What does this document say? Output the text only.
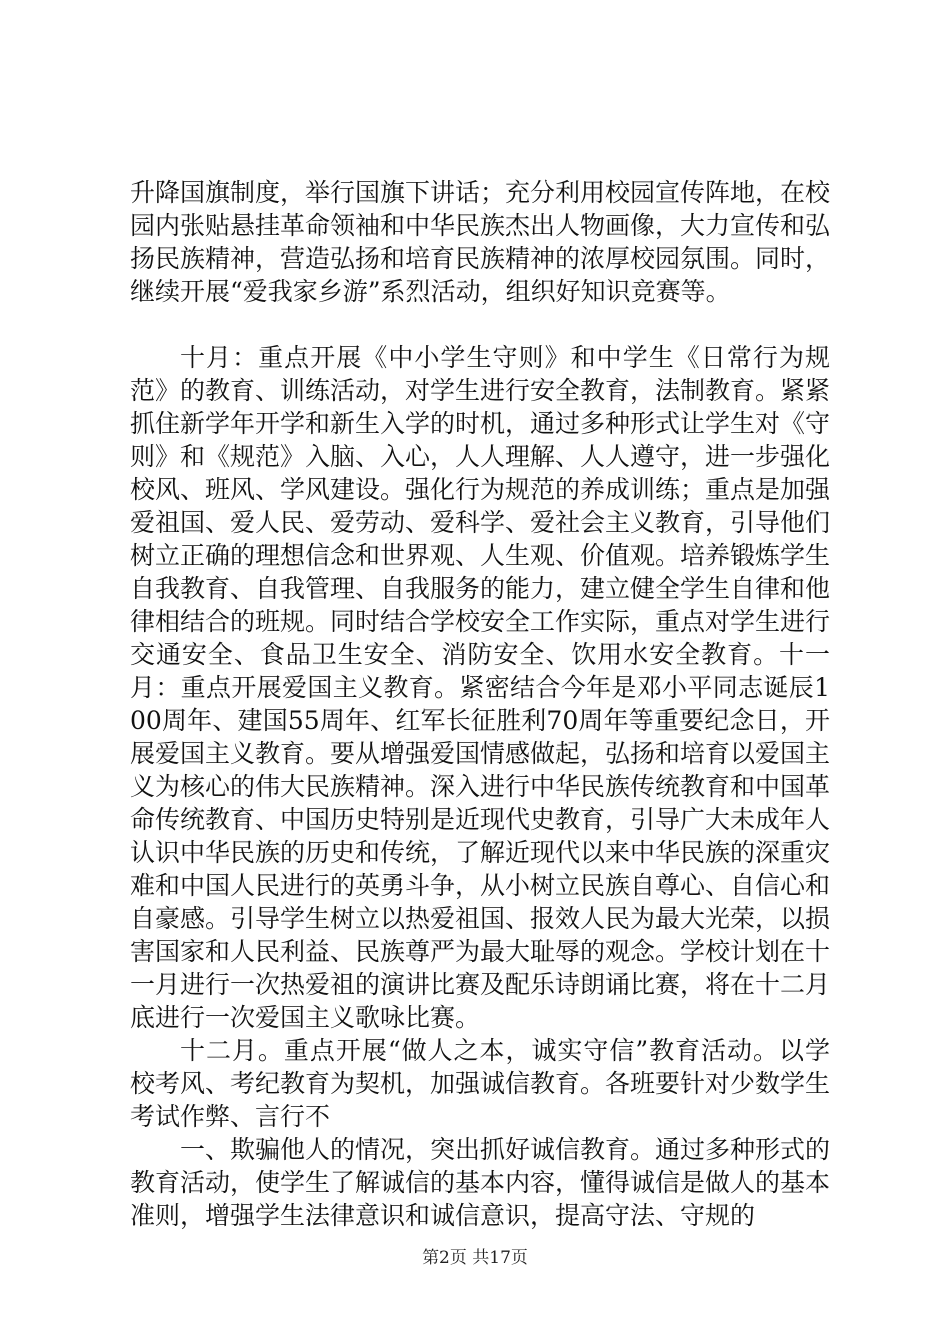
升降国旗制度，举行国旗下讲话；充分利用校园宣传阵地，在校园内张贴悬挂革命领袖和中华民族杰出人物画像，大力宣传和弘扬民族精神，营造弘扬和培育民族精神的浓厚校园氛围。同时，继续开展“爱我家乡游”系烈活动，组织好知识竞赛等。

十月：重点开展《中小学生守则》和中学生《日常行为规范》的教育、训练活动，对学生进行安全教育，法制教育。紧紧抓住新学年开学和新生入学的时机，通过多种形式让学生对《守则》和《规范》入脑、入心，人人理解、人人遵守，进一步强化校风、班风、学风建设。强化行为规范的养成训练；重点是加强爱祖国、爱人民、爱劳动、爱科学、爱社会主义教育，引导他们树立正确的理想信念和世界观、人生观、价值观。培养锻炼学生自我教育、自我管理、自我服务的能力，建立健全学生自律和他律相结合的班规。同时结合学校安全工作实际，重点对学生进行交通安全、食品卫生安全、消防安全、饮用水安全教育。十一月：重点开展爱国主义教育。紧密结合今年是邓小平同志诞辰100周年、建国55周年、红军长征胜利70周年等重要纪念日，开展爱国主义教育。要从增强爱国情感做起，弘扬和培育以爱国主义为核心的伟大民族精神。深入进行中华民族传统教育和中国革命传统教育、中国历史特别是近现代史教育，引导广大未成年人认识中华民族的历史和传统，了解近现代以来中华民族的深重灾难和中国人民进行的英勇斗争，从小树立民族自尊心、自信心和自豪感。引导学生树立以热爱祖国、报效人民为最大光荣，以损害国家和人民利益、民族尊严为最大耻辱的观念。学校计划在十一月进行一次热爱祖的演讲比赛及配乐诗朗诵比赛，将在十二月底进行一次爱国主义歌咏比赛。

十二月。重点开展“做人之本，诚实守信”教育活动。以学校考风、考纪教育为契机，加强诚信教育。各班要针对少数学生考试作弊、言行不

一、欺骗他人的情况，突出抓好诚信教育。通过多种形式的教育活动，使学生了解诚信的基本内容，懂得诚信是做人的基本准则，增强学生法律意识和诚信意识，提高守法、守规的

第2页 共17页
